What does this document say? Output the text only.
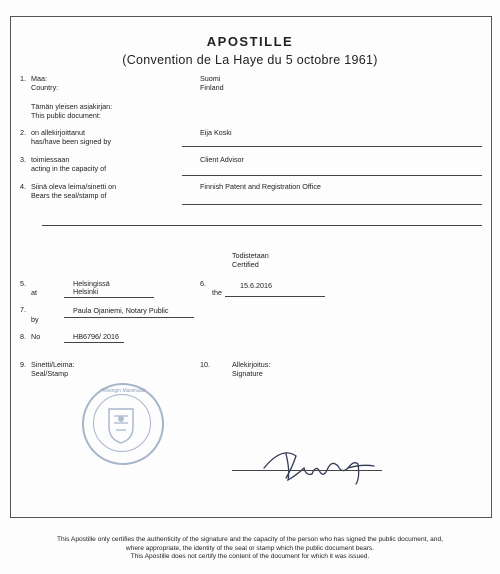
APOSTILLE
(Convention de La Haye du 5 octobre 1961)
1. Maa:
Country:
Suomi
Finland
Tämän yleisen asiakirjan:
This public document:
2. on allekirjoittanut
has/have been signed by
Eija Koski
3. toimiessaan
acting in the capacity of
Client Advisor
4. Siinä oleva leima/sinetti on
Bears the seal/stamp of
Finnish Patent and Registration Office
Todistetaan
Certified
5.
at
Helsingissä
Helsinki
6.
the
15.6.2016
7.
by
Paula Ojaniemi, Notary Public
8. No	HB6796/ 2016
9. Sinetti/Leima:
Seal/Stamp
10.	Allekirjoitus:
Signature
Helsingin Maistraatti
This Apostille only certifies the authenticity of the signature and the capacity of the person who has signed the public document, and,
where appropriate, the identity of the seal or stamp which the public document bears.
This Apostille does not certify the content of the document for which it was issued.
